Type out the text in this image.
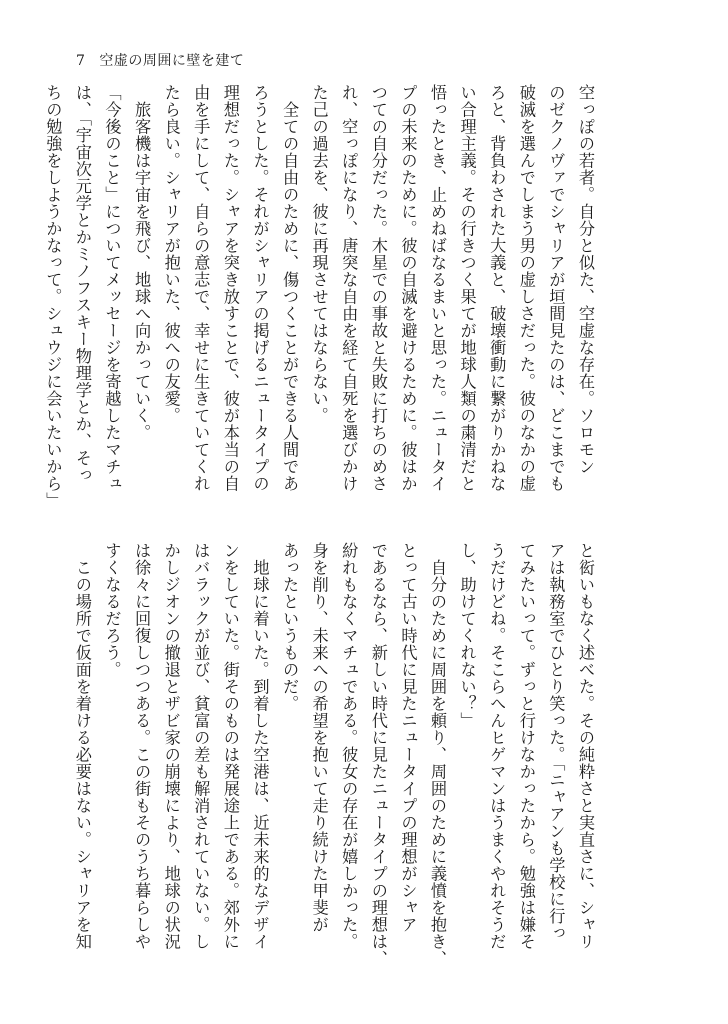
7 空虚の周囲に壁を建て
空っぽの若者。自分と似た、空虚な存在。ソロモン
のゼクノヴァでシャリアが垣間見たのは、どこまでも
破滅を選んでしまう男の虚しさだった。彼のなかの虚
ろと、背負わされた大義と、破壊衝動に繋がりかねな
い合理主義。その行きつく果てが地球人類の粛清だと
悟ったとき、止めねばなるまいと思った。ニュータイ
プの未来のために。彼の自滅を避けるために。彼はか
つての自分だった。木星での事故と失敗に打ちのめさ
れ、空っぽになり、唐突な自由を経て自死を選びかけ
た己の過去を、彼に再現させてはならない。
　全ての自由のために、傷つくことができる人間であ
ろうとした。それがシャリアの掲げるニュータイプの
理想だった。シャアを突き放すことで、彼が本当の自
由を手にして、自らの意志で、幸せに生きていてくれ
たら良い。シャリアが抱いた、彼への友愛。
　旅客機は宇宙を飛び、地球へ向かっていく。
「今後のこと」についてメッセージを寄越したマチュ
は、「宇宙次元学とかミノフスキー物理学とか、そっ
ちの勉強をしようかなって。シュウジに会いたいから」
と衒いもなく述べた。その純粋さと実直さに、シャリ
アは執務室でひとり笑った。「ニャアンも学校に行っ
てみたいって。ずっと行けなかったから。勉強は嫌そ
うだけどね。そこらへんヒゲマンはうまくやれそうだ
し、助けてくれない？」
　自分のために周囲を頼り、周囲のために義憤を抱き、
とって古い時代に見たニュータイプの理想がシャア
であるなら、新しい時代に見たニュータイプの理想は、
紛れもなくマチュである。彼女の存在が嬉しかった。
身を削り、未来への希望を抱いて走り続けた甲斐が
あったというものだ。
　地球に着いた。到着した空港は、近未来的なデザイ
ンをしていた。街そのものは発展途上である。郊外に
はバラックが並び、貧富の差も解消されていない。し
かしジオンの撤退とザビ家の崩壊により、地球の状況
は徐々に回復しつつある。この街もそのうち暮らしや
すくなるだろう。
　この場所で仮面を着ける必要はない。シャリアを知
